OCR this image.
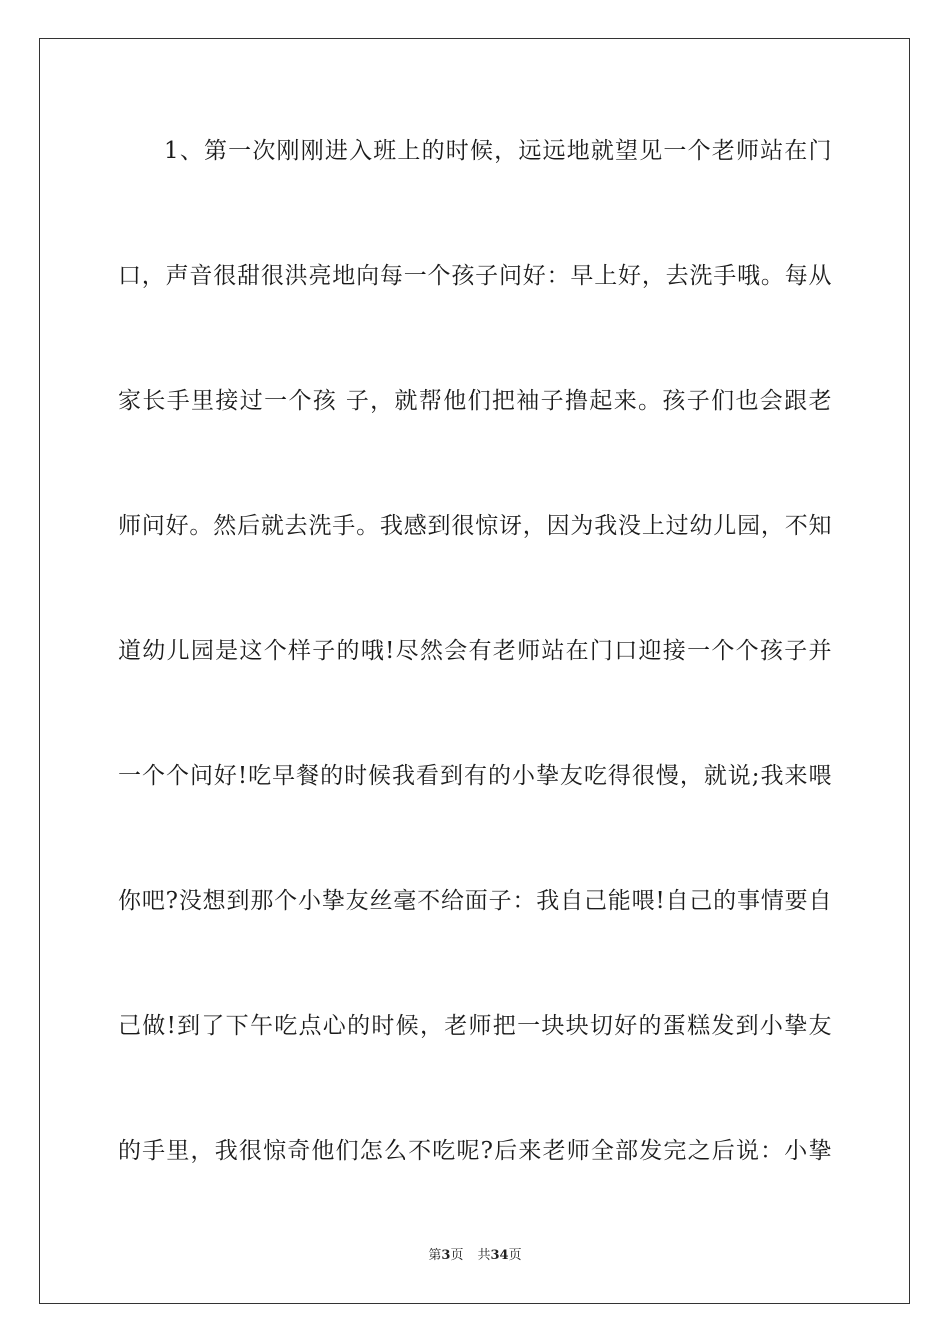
1、第一次刚刚进入班上的时候，远远地就望见一个老师站在门
口，声音很甜很洪亮地向每一个孩子问好：早上好，去洗手哦。每从
家长手里接过一个孩 子，就帮他们把袖子撸起来。孩子们也会跟老
师问好。然后就去洗手。我感到很惊讶，因为我没上过幼儿园，不知
道幼儿园是这个样子的哦!尽然会有老师站在门口迎接一个个孩子并
一个个问好!吃早餐的时候我看到有的小挚友吃得很慢，就说;我来喂
你吧?没想到那个小挚友丝毫不给面子：我自己能喂!自己的事情要自
己做!到了下午吃点心的时候，老师把一块块切好的蛋糕发到小挚友
的手里，我很惊奇他们怎么不吃呢?后来老师全部发完之后说：小挚
第3页 共34页
